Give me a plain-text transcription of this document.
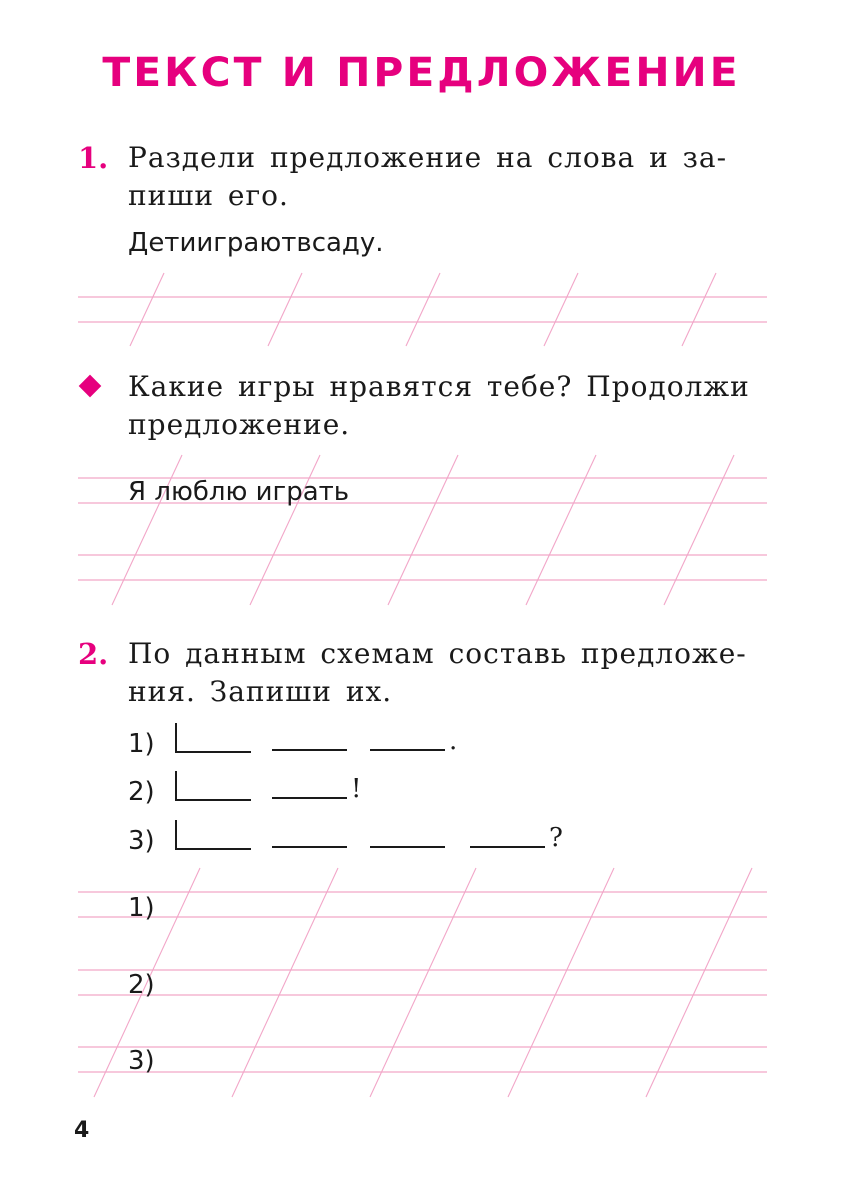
ТЕКСТ И ПРЕДЛОЖЕНИЕ
1. Раздели предложение на слова и за-
пиши его.
Детииграютвсаду.
Какие игры нравятся тебе? Продолжи
предложение.
Я люблю играть
2. По данным схемам составь предложе-
ния. Запиши их.
1)	.
2)	!
3)	?
1)
2)
3)
4
